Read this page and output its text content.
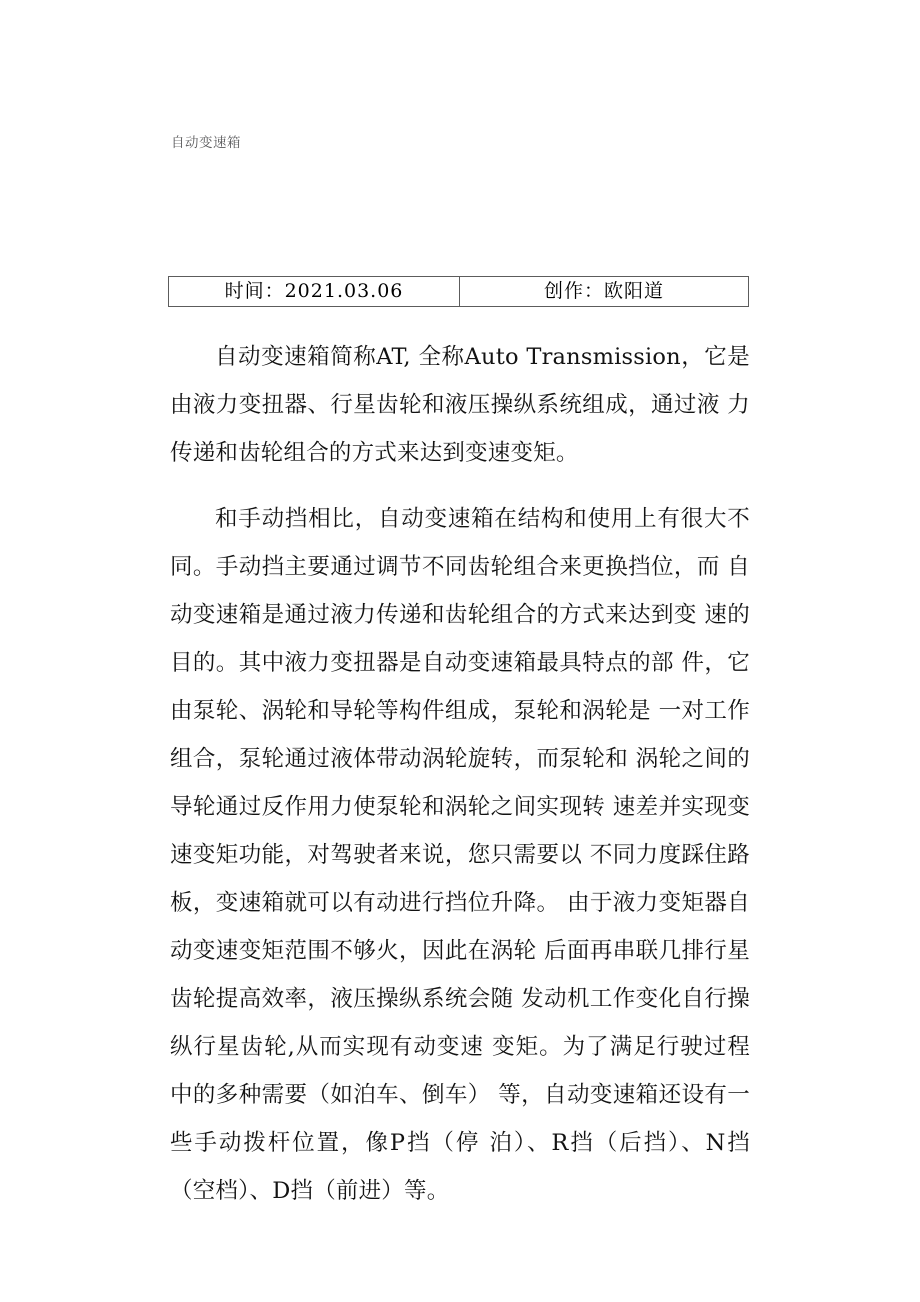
自动变速箱
时间：2021.03.06	创作：欧阳道

自动变速箱简称AT, 全称Auto Transmission，它是 由液力变扭器、行星齿轮和液压操纵系统组成，通过液 力传递和齿轮组合的方式来达到变速变矩。

和手动挡相比，自动变速箱在结构和使用上有很大不 同。手动挡主要通过调节不同齿轮组合来更换挡位，而 自动变速箱是通过液力传递和齿轮组合的方式来达到变 速的目的。其中液力变扭器是自动变速箱最具特点的部 件，它由泵轮、涡轮和导轮等构件组成，泵轮和涡轮是 一对工作组合，泵轮通过液体带动涡轮旋转，而泵轮和 涡轮之间的导轮通过反作用力使泵轮和涡轮之间实现转 速差并实现变速变矩功能，对驾驶者来说，您只需要以 不同力度踩住路板，变速箱就可以有动进行挡位升降。 由于液力变矩器自动变速变矩范围不够火，因此在涡轮 后面再串联几排行星齿轮提高效率，液压操纵系统会随 发动机工作变化自行操纵行星齿轮,从而实现有动变速 变矩。为了满足行驶过程中的多种需要（如泊车、倒车） 等，自动变速箱还设有一些手动拨杆位置，像P挡（停 泊）、R挡（后挡）、N挡（空档）、D挡（前进）等。
